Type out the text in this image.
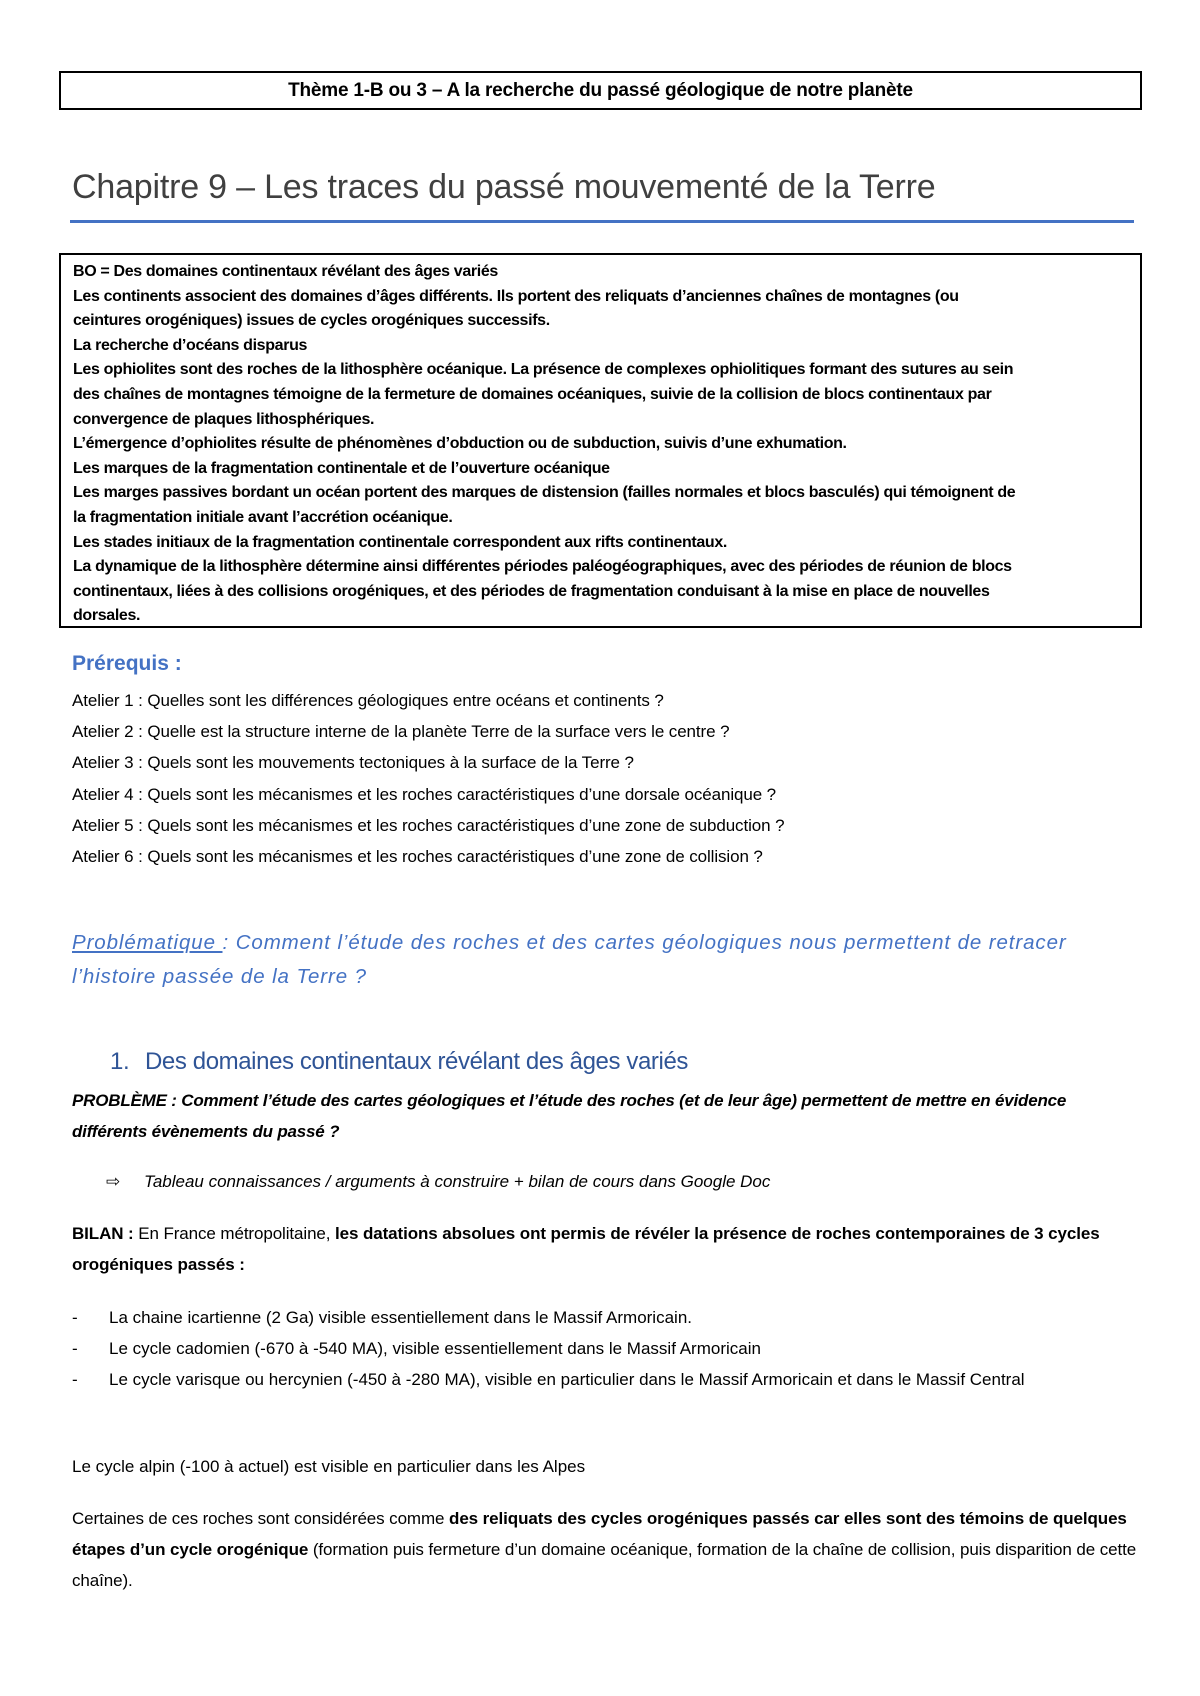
Thème 1-B ou 3 – A la recherche du passé géologique de notre planète
Chapitre 9 – Les traces du passé mouvementé de la Terre

BO = Des domaines continentaux révélant des âges variés

Les continents associent des domaines d’âges différents. Ils portent des reliquats d’anciennes chaînes de montagnes (ou

ceintures orogéniques) issues de cycles orogéniques successifs.

La recherche d’océans disparus

Les ophiolites sont des roches de la lithosphère océanique. La présence de complexes ophiolitiques formant des sutures au sein

des chaînes de montagnes témoigne de la fermeture de domaines océaniques, suivie de la collision de blocs continentaux par

convergence de plaques lithosphériques.

L’émergence d’ophiolites résulte de phénomènes d’obduction ou de subduction, suivis d’une exhumation.

Les marques de la fragmentation continentale et de l’ouverture océanique

Les marges passives bordant un océan portent des marques de distension (failles normales et blocs basculés) qui témoignent de

la fragmentation initiale avant l’accrétion océanique.

Les stades initiaux de la fragmentation continentale correspondent aux rifts continentaux.

La dynamique de la lithosphère détermine ainsi différentes périodes paléogéographiques, avec des périodes de réunion de blocs

continentaux, liées à des collisions orogéniques, et des périodes de fragmentation conduisant à la mise en place de nouvelles

dorsales.

Prérequis :
Atelier 1 : Quelles sont les différences géologiques entre océans et continents ?
Atelier 2 : Quelle est la structure interne de la planète Terre de la surface vers le centre ?
Atelier 3 : Quels sont les mouvements tectoniques à la surface de la Terre ?
Atelier 4 : Quels sont les mécanismes et les roches caractéristiques d’une dorsale océanique ?
Atelier 5 : Quels sont les mécanismes et les roches caractéristiques d’une zone de subduction ?
Atelier 6 : Quels sont les mécanismes et les roches caractéristiques d’une zone de collision ?

Problématique : Comment l’étude des roches et des cartes géologiques nous permettent de retracer l’histoire passée de la Terre ?

1. Des domaines continentaux révélant des âges variés

PROBLÈME : Comment l’étude des cartes géologiques et l’étude des roches (et de leur âge) permettent de mettre en évidence différents évènements du passé ?

⇨ Tableau connaissances / arguments à construire + bilan de cours dans Google Doc

BILAN : En France métropolitaine, les datations absolues ont permis de révéler la présence de roches contemporaines de 3 cycles orogéniques passés :

-	La chaine icartienne (2 Ga) visible essentiellement dans le Massif Armoricain.
-	Le cycle cadomien (-670 à -540 MA), visible essentiellement dans le Massif Armoricain
-	Le cycle varisque ou hercynien (-450 à -280 MA), visible en particulier dans le Massif Armoricain et dans le Massif Central

Le cycle alpin (-100 à actuel) est visible en particulier dans les Alpes

Certaines de ces roches sont considérées comme des reliquats des cycles orogéniques passés car elles sont des témoins de quelques étapes d’un cycle orogénique (formation puis fermeture d’un domaine océanique, formation de la chaîne de collision, puis disparition de cette chaîne).
